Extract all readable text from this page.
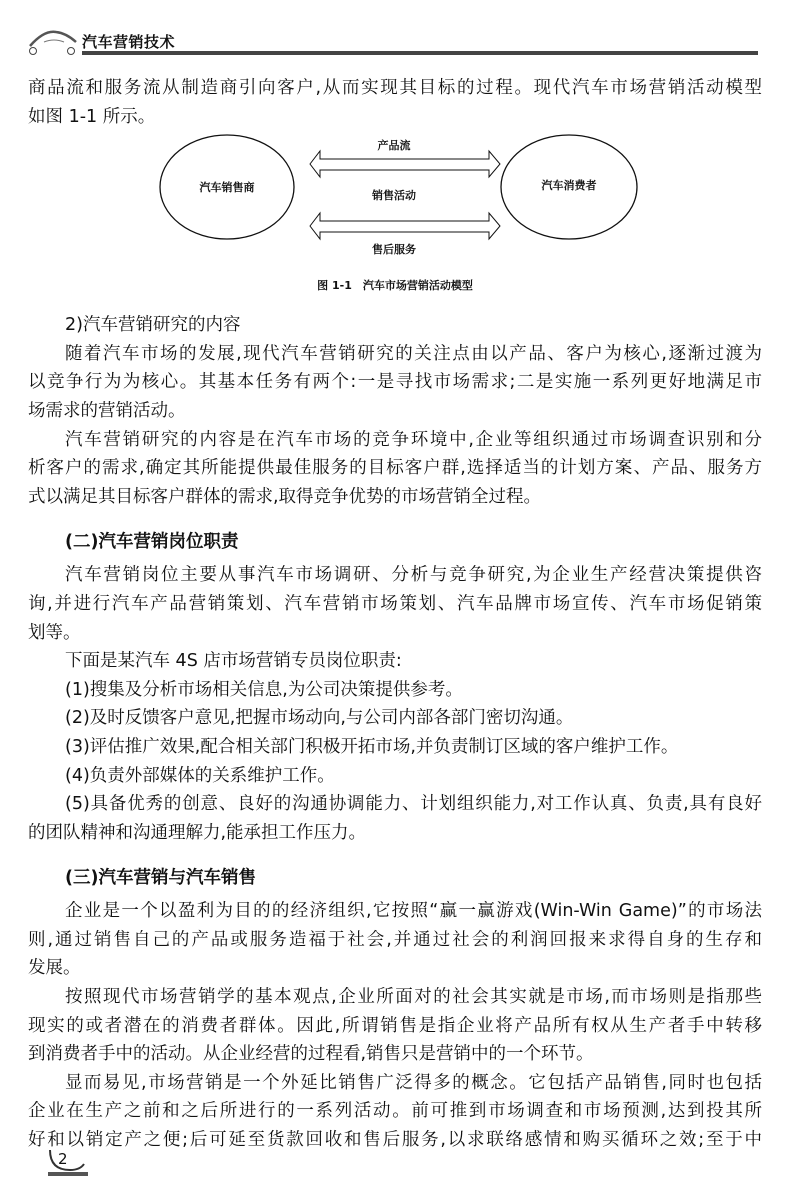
汽车营销技术
商品流和服务流从制造商引向客户,从而实现其目标的过程。现代汽车市场营销活动模型
如图 1-1 所示。
汽车销售商	汽车消费者
产品流
销售活动
售后服务
图 1-1　汽车市场营销活动模型
2)汽车营销研究的内容
随着汽车市场的发展,现代汽车营销研究的关注点由以产品、客户为核心,逐渐过渡为
以竞争行为为核心。其基本任务有两个:一是寻找市场需求;二是实施一系列更好地满足市
场需求的营销活动。
汽车营销研究的内容是在汽车市场的竞争环境中,企业等组织通过市场调查识别和分
析客户的需求,确定其所能提供最佳服务的目标客户群,选择适当的计划方案、产品、服务方
式以满足其目标客户群体的需求,取得竞争优势的市场营销全过程。
(二)汽车营销岗位职责
汽车营销岗位主要从事汽车市场调研、分析与竞争研究,为企业生产经营决策提供咨
询,并进行汽车产品营销策划、汽车营销市场策划、汽车品牌市场宣传、汽车市场促销策
划等。
下面是某汽车 4S 店市场营销专员岗位职责:
(1)搜集及分析市场相关信息,为公司决策提供参考。
(2)及时反馈客户意见,把握市场动向,与公司内部各部门密切沟通。
(3)评估推广效果,配合相关部门积极开拓市场,并负责制订区域的客户维护工作。
(4)负责外部媒体的关系维护工作。
(5)具备优秀的创意、良好的沟通协调能力、计划组织能力,对工作认真、负责,具有良好
的团队精神和沟通理解力,能承担工作压力。
(三)汽车营销与汽车销售
企业是一个以盈利为目的的经济组织,它按照“赢一赢游戏(Win-Win Game)”的市场法
则,通过销售自己的产品或服务造福于社会,并通过社会的利润回报来求得自身的生存和
发展。
按照现代市场营销学的基本观点,企业所面对的社会其实就是市场,而市场则是指那些
现实的或者潜在的消费者群体。因此,所谓销售是指企业将产品所有权从生产者手中转移
到消费者手中的活动。从企业经营的过程看,销售只是营销中的一个环节。
显而易见,市场营销是一个外延比销售广泛得多的概念。它包括产品销售,同时也包括
企业在生产之前和之后所进行的一系列活动。前可推到市场调查和市场预测,达到投其所
好和以销定产之便;后可延至货款回收和售后服务,以求联络感情和购买循环之效;至于中
2
